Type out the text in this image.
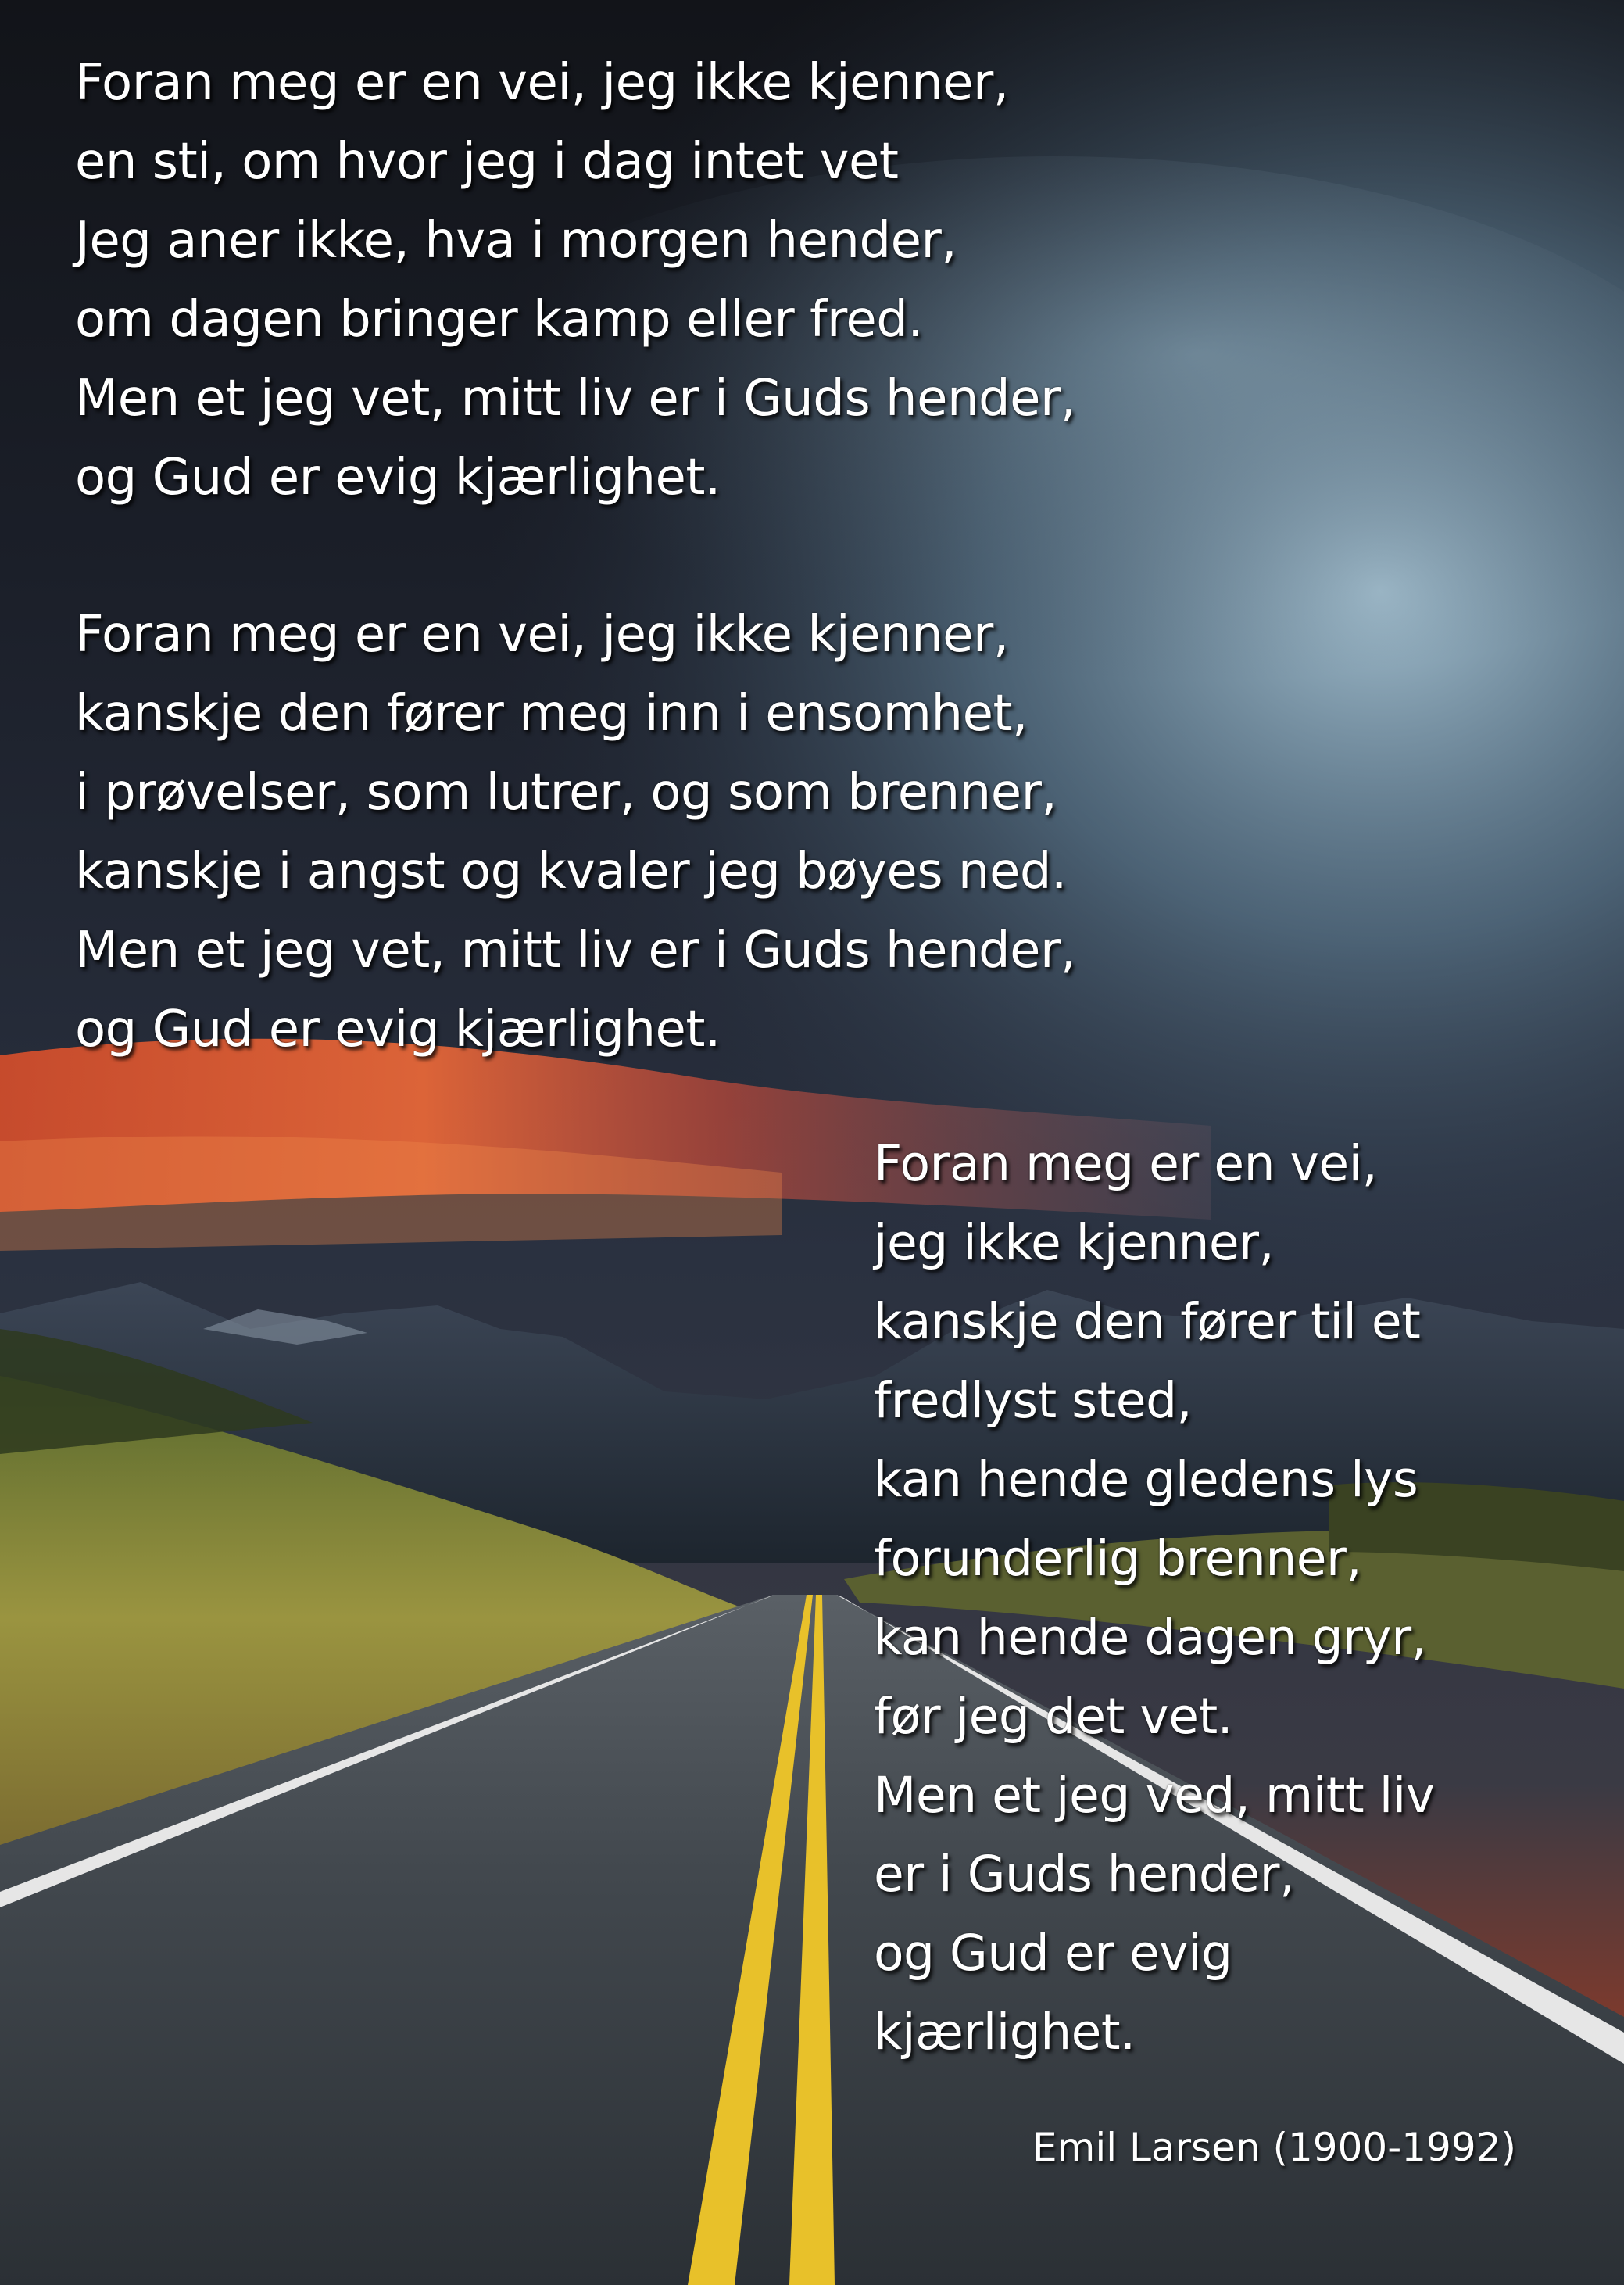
Foran meg er en vei, jeg ikke kjenner,
en sti, om hvor jeg i dag intet vet
Jeg aner ikke, hva i morgen hender,
om dagen bringer kamp eller fred.
Men et jeg vet, mitt liv er i Guds hender,
og Gud er evig kjærlighet.
Foran meg er en vei, jeg ikke kjenner,
kanskje den fører meg inn i ensomhet,
i prøvelser, som lutrer, og som brenner,
kanskje i angst og kvaler jeg bøyes ned.
Men et jeg vet, mitt liv er i Guds hender,
og Gud er evig kjærlighet.
Foran meg er en vei,
jeg ikke kjenner,
kanskje den fører til et
fredlyst sted,
kan hende gledens lys
forunderlig brenner,
kan hende dagen gryr,
før jeg det vet.
Men et jeg ved, mitt liv
er i Guds hender,
og Gud er evig
kjærlighet.
Emil Larsen (1900-1992)
